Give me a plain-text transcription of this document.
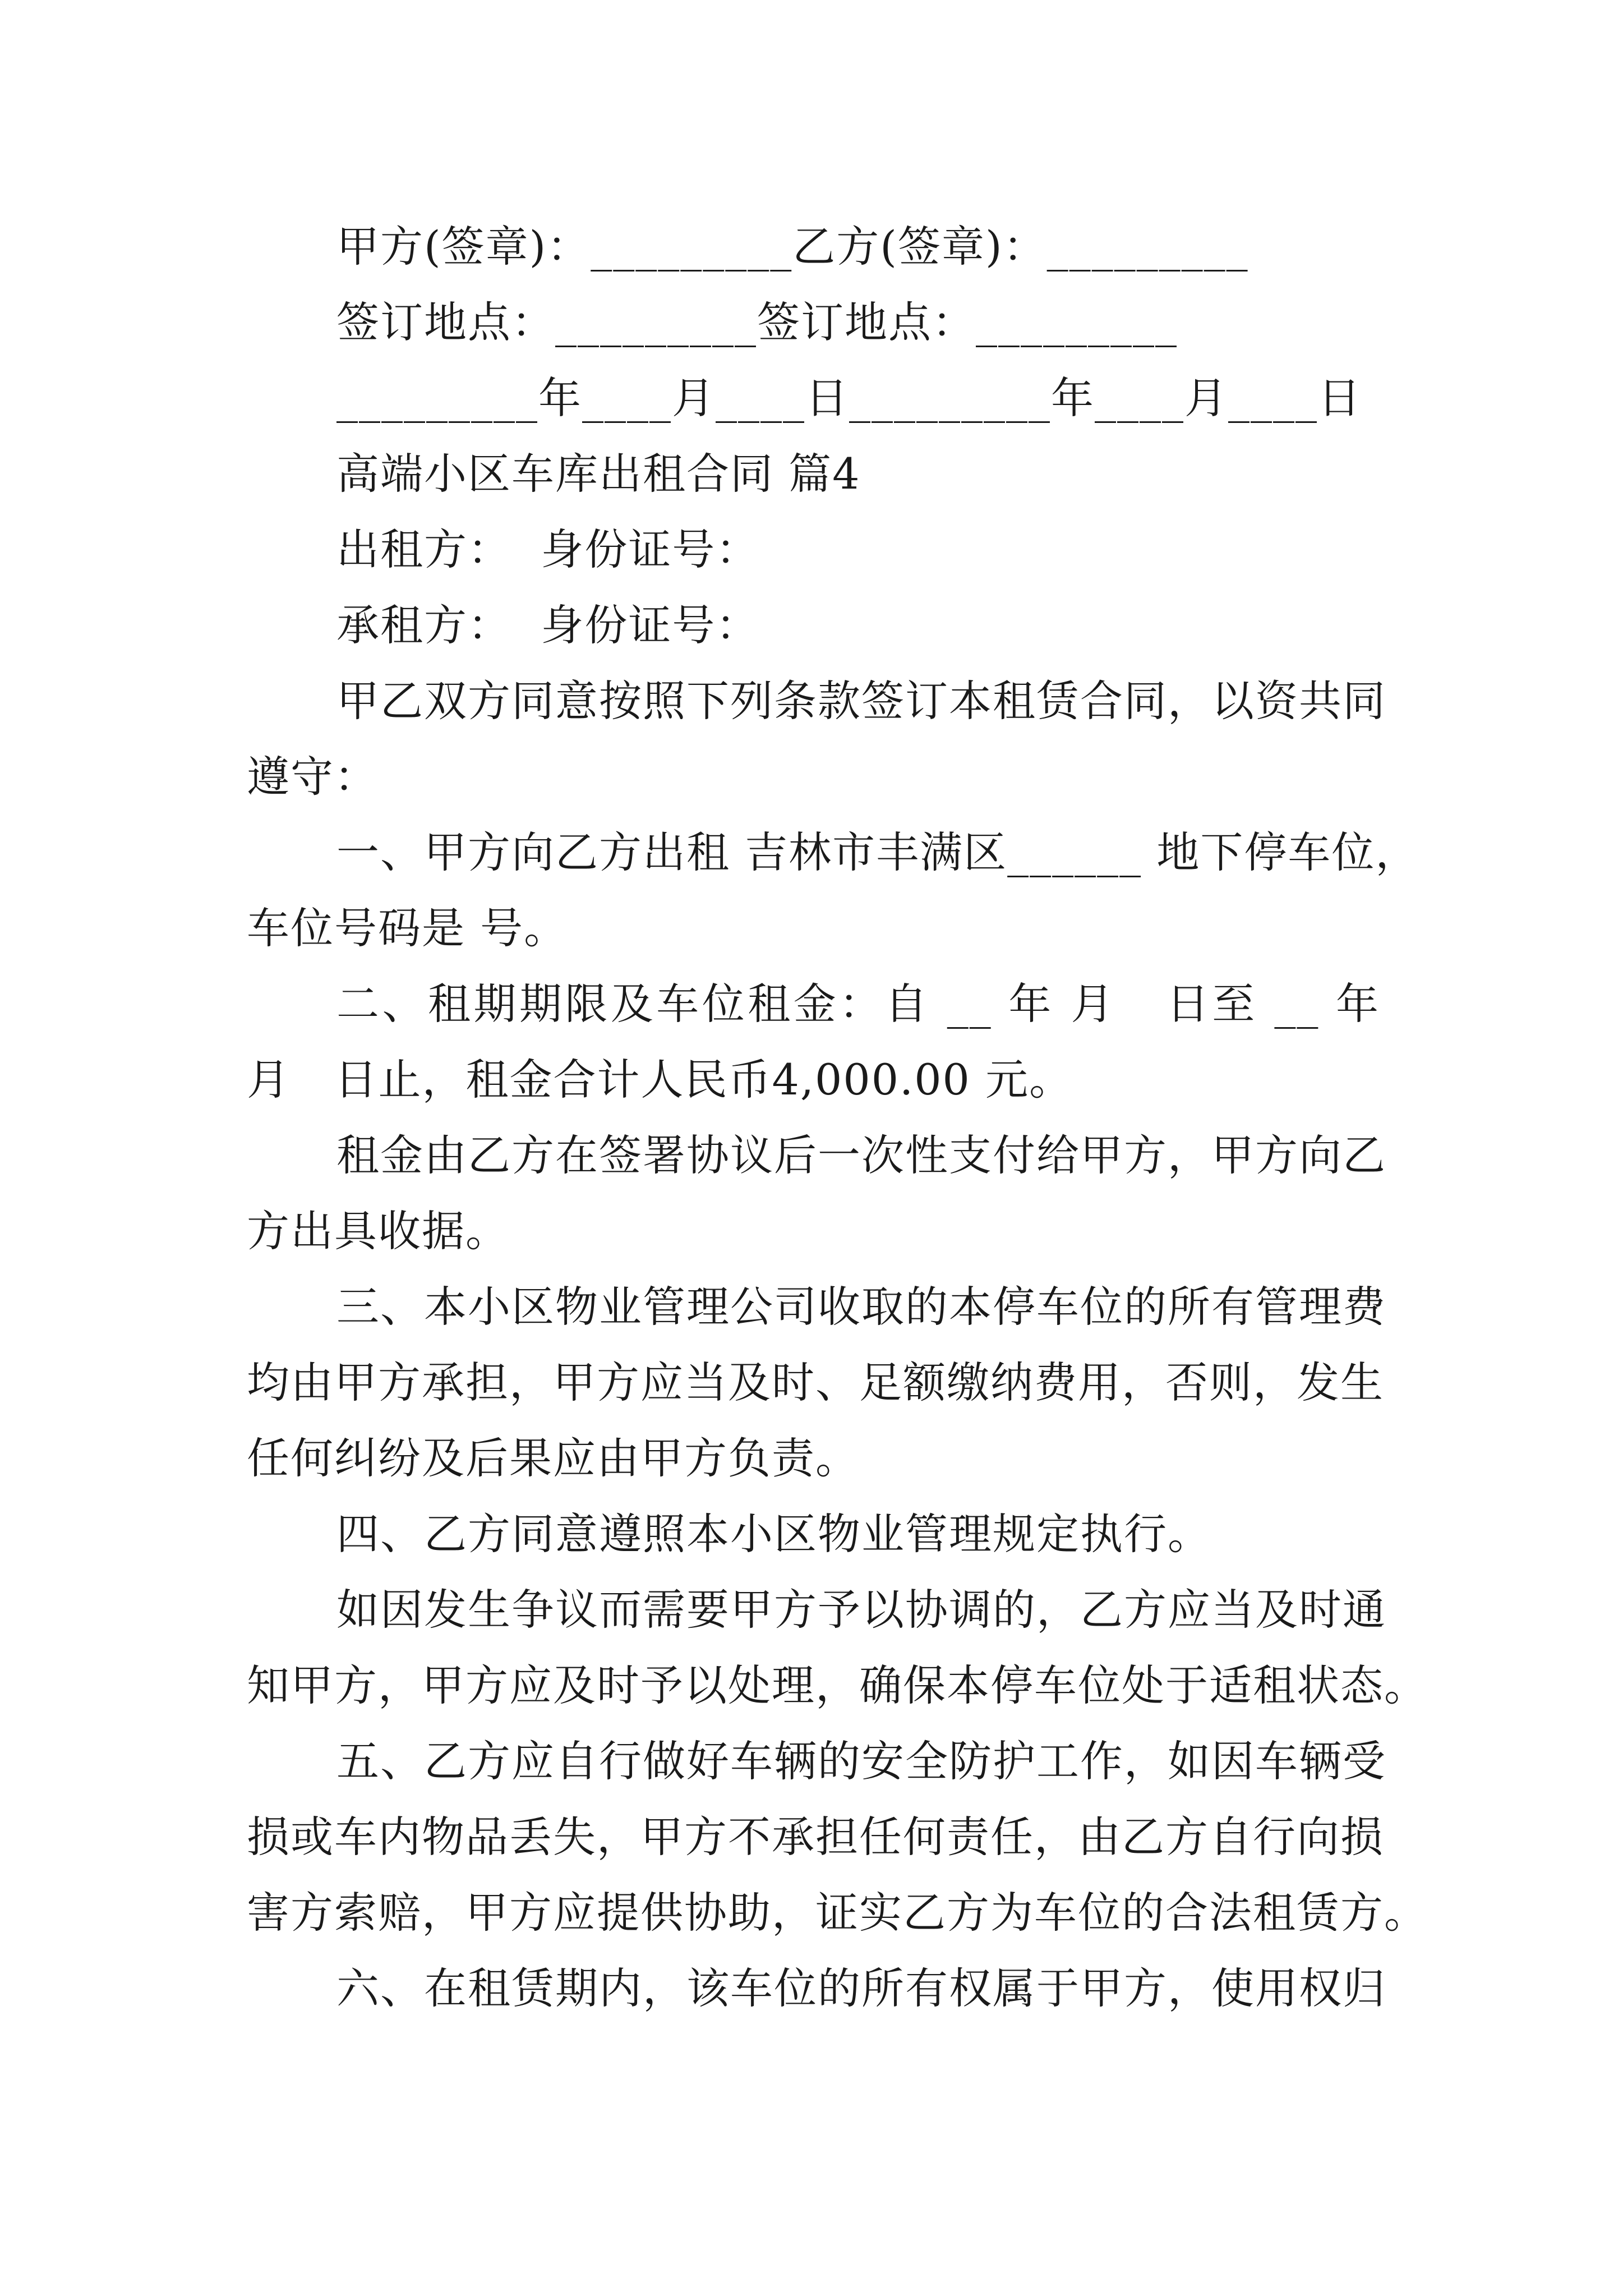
甲方(签章)：_________乙方(签章)：_________
签订地点：_________签订地点：_________
_________年____月____日_________年____月____日
高端小区车库出租合同 篇4
出租方：  身份证号：
承租方：  身份证号：
甲乙双方同意按照下列条款签订本租赁合同，以资共同
遵守：
一、甲方向乙方出租 吉林市丰满区______ 地下停车位，
车位号码是 号。
二、租期期限及车位租金：自 __ 年 月   日至 __ 年
月   日止，租金合计人民币4,000.00 元。
租金由乙方在签署协议后一次性支付给甲方，甲方向乙
方出具收据。
三、本小区物业管理公司收取的本停车位的所有管理费
均由甲方承担，甲方应当及时、足额缴纳费用，否则，发生
任何纠纷及后果应由甲方负责。
四、乙方同意遵照本小区物业管理规定执行。
如因发生争议而需要甲方予以协调的，乙方应当及时通
知甲方，甲方应及时予以处理，确保本停车位处于适租状态。
五、乙方应自行做好车辆的安全防护工作，如因车辆受
损或车内物品丢失，甲方不承担任何责任，由乙方自行向损
害方索赔，甲方应提供协助，证实乙方为车位的合法租赁方。
六、在租赁期内，该车位的所有权属于甲方，使用权归
